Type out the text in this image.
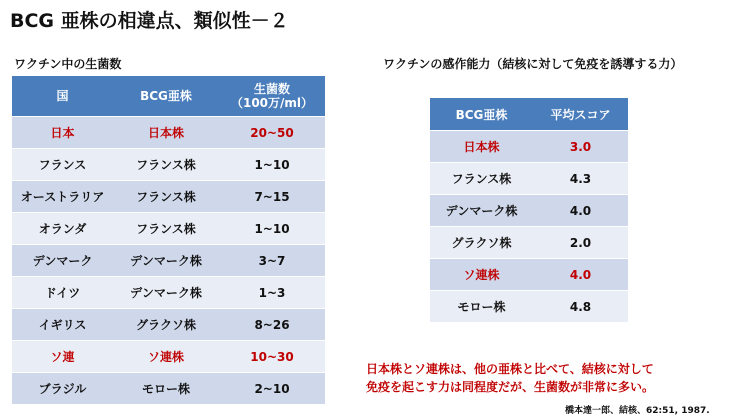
BCG 亜株の相違点、類似性－２
ワクチン中の生菌数	ワクチンの感作能力（結核に対して免疫を誘導する力）
国	BCG亜株	生菌数
（100万/ml）
日本	日本株	20~50
フランス	フランス株	1~10
オーストラリア	フランス株	7~15
オランダ	フランス株	1~10
デンマーク	デンマーク株	3~7
ドイツ	デンマーク株	1~3
イギリス	グラクソ株	8~26
ソ連	ソ連株	10~30
ブラジル	モロー株	2~10
BCG亜株	平均スコア
日本株	3.0
フランス株	4.3
デンマーク株	4.0
グラクソ株	2.0
ソ連株	4.0
モロー株	4.8
日本株とソ連株は、他の亜株と比べて、結核に対して
免疫を起こす力は同程度だが、生菌数が非常に多い。
橋本達一郎、結核、62:51, 1987.
